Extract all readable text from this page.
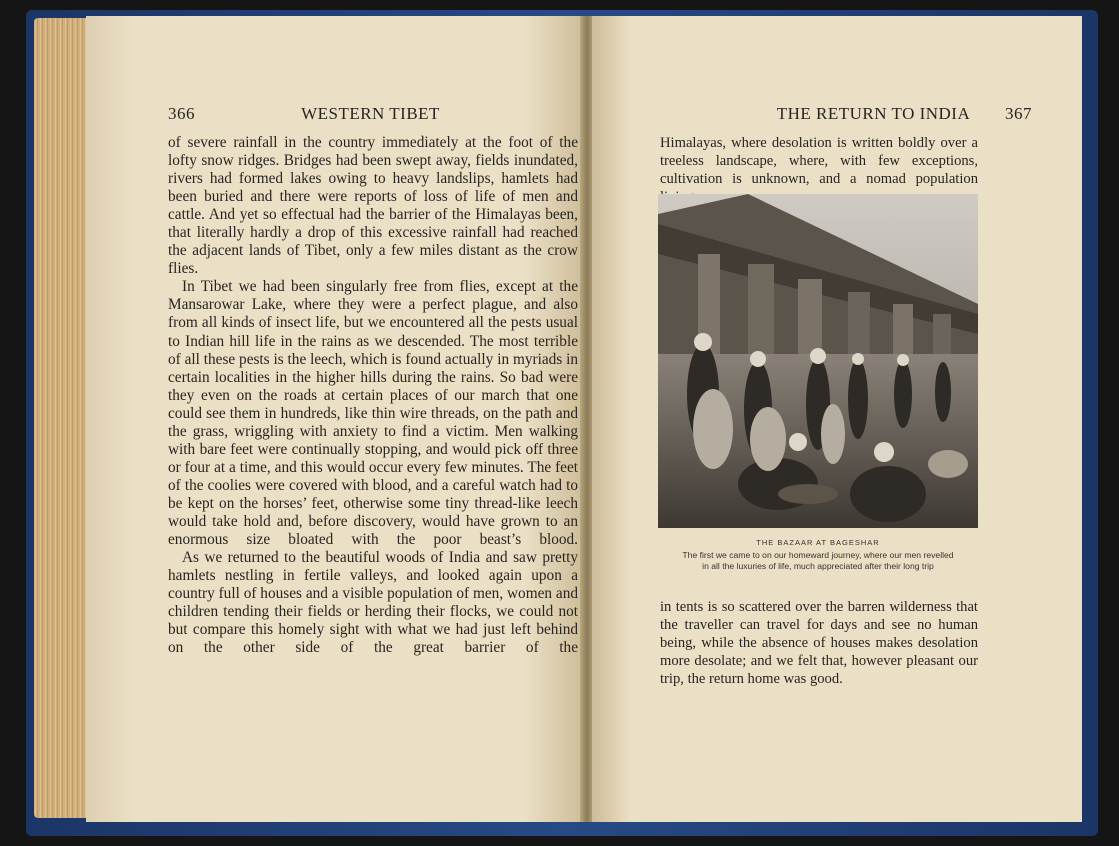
366	WESTERN TIBET

of severe rainfall in the country immediately at the foot of the lofty snow ridges. Bridges had been swept away, fields inundated, rivers had formed lakes owing to heavy landslips, hamlets had been buried and there were reports of loss of life of men and cattle. And yet so effectual had the barrier of the Himalayas been, that literally hardly a drop of this excessive rainfall had reached the adjacent lands of Tibet, only a few miles distant as the crow flies.

In Tibet we had been singularly free from flies, except at the Mansarowar Lake, where they were a perfect plague, and also from all kinds of insect life, but we encountered all the pests usual to Indian hill life in the rains as we descended. The most terrible of all these pests is the leech, which is found actually in myriads in certain localities in the higher hills during the rains. So bad were they even on the roads at certain places of our march that one could see them in hundreds, like thin wire threads, on the path and the grass, wriggling with anxiety to find a victim. Men walking with bare feet were continually stopping, and would pick off three or four at a time, and this would occur every few minutes. The feet of the coolies were covered with blood, and a careful watch had to be kept on the horses’ feet, otherwise some tiny thread-like leech would take hold and, before discovery, would have grown to an enormous size bloated with the poor beast’s blood.

As we returned to the beautiful woods of India and saw pretty hamlets nestling in fertile valleys, and looked again upon a country full of houses and a visible population of men, women and children tending their fields or herding their flocks, we could not but compare this homely sight with what we had just left behind on the other side of the great barrier of the

THE RETURN TO INDIA 367

Himalayas, where desolation is written boldly over a treeless landscape, where, with few exceptions, cultivation is unknown, and a nomad population

THE BAZAAR AT BAGESHAR
The first we came to on our homeward journey, where our men revelled
in all the luxuries of life, much appreciated after their long trip

in tents is so scattered over the barren wilderness that the traveller can travel for days and see no human being, while the absence of houses makes desolation more desolate; and we felt that, however pleasant our trip, the return home was good.
